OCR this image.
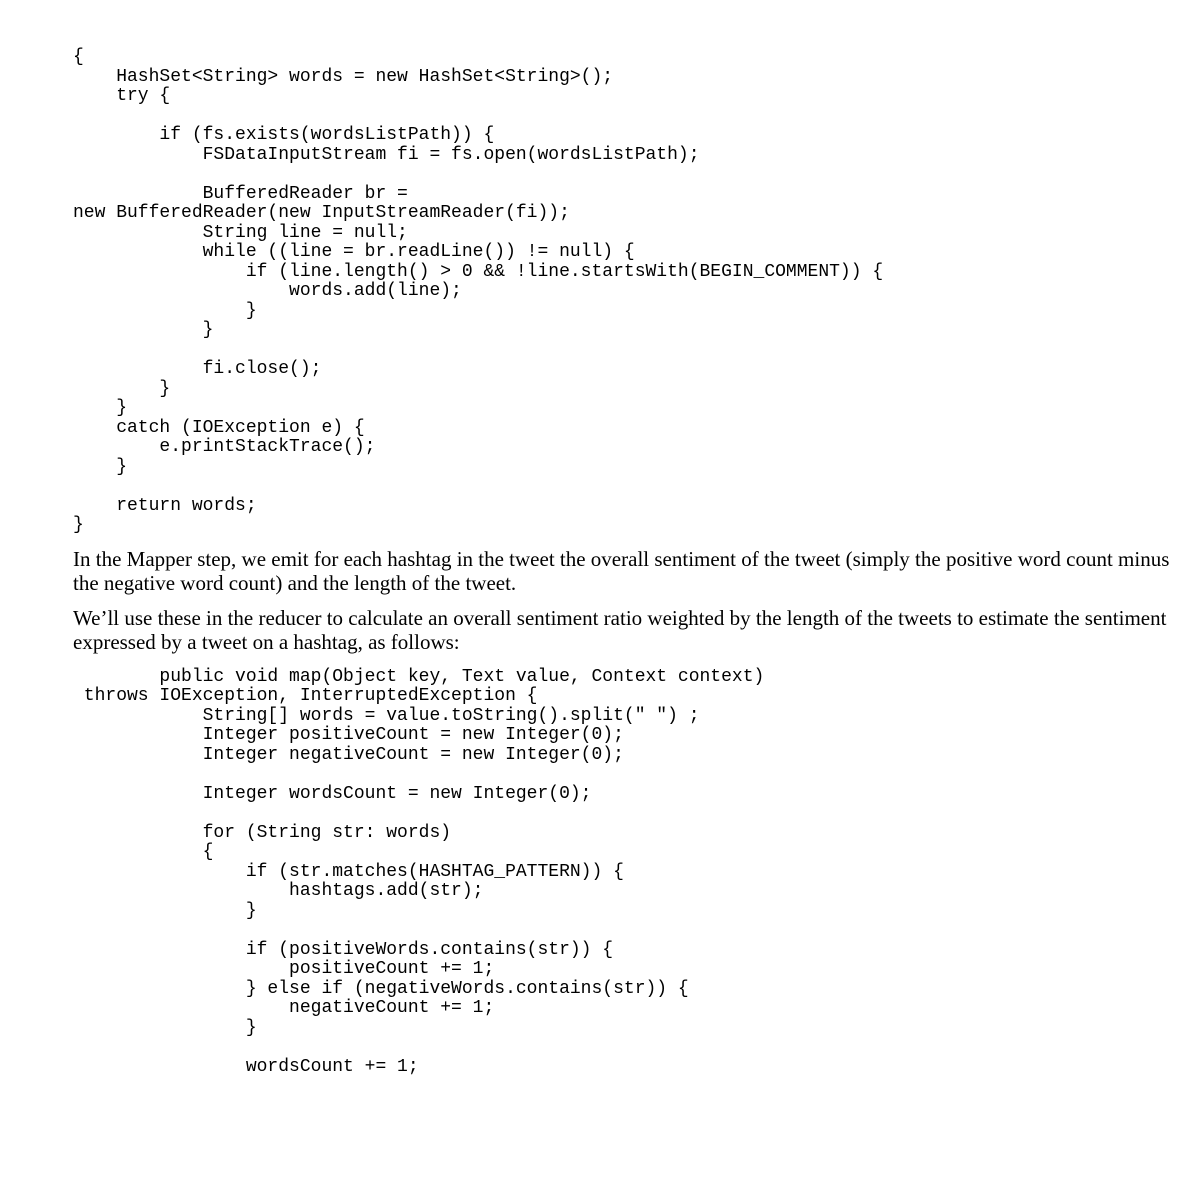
{
HashSet<String> words = new HashSet<String>();
try {
if (fs.exists(wordsListPath)) {
FSDataInputStream fi = fs.open(wordsListPath);
BufferedReader br =
new BufferedReader(new InputStreamReader(fi));
String line = null;
while ((line = br.readLine()) != null) {
if (line.length() > 0 && !line.startsWith(BEGIN_COMMENT)) {
words.add(line);
}
}
fi.close();
}
}
catch (IOException e) {
e.printStackTrace();
}
return words;
}

In the Mapper step, we emit for each hashtag in the tweet the overall sentiment of the tweet (simply the positive word count minus the negative word count) and the length of the tweet.

We’ll use these in the reducer to calculate an overall sentiment ratio weighted by the length of the tweets to estimate the sentiment expressed by a tweet on a hashtag, as follows:

public void map(Object key, Text value, Context context)
throws IOException, InterruptedException {
String[] words = value.toString().split(" ") ;
Integer positiveCount = new Integer(0);
Integer negativeCount = new Integer(0);
Integer wordsCount = new Integer(0);
for (String str: words)
{
if (str.matches(HASHTAG_PATTERN)) {
hashtags.add(str);
}
if (positiveWords.contains(str)) {
positiveCount += 1;
} else if (negativeWords.contains(str)) {
negativeCount += 1;
}
wordsCount += 1;
